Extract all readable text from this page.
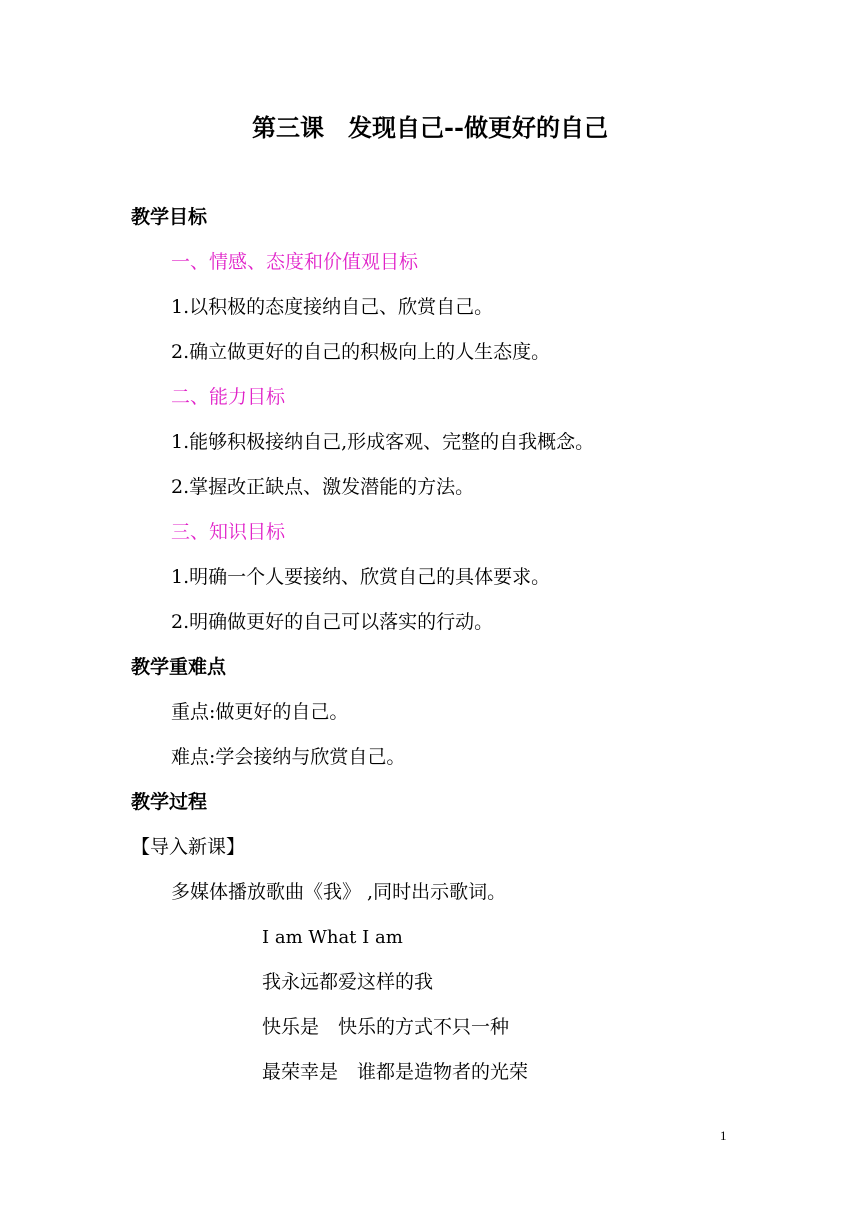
第三课　发现自己--做更好的自己
教学目标
一、情感、态度和价值观目标
1.以积极的态度接纳自己、欣赏自己。
2.确立做更好的自己的积极向上的人生态度。
二、能力目标
1.能够积极接纳自己,形成客观、完整的自我概念。
2.掌握改正缺点、激发潜能的方法。
三、知识目标
1.明确一个人要接纳、欣赏自己的具体要求。
2.明确做更好的自己可以落实的行动。
教学重难点
重点:做更好的自己。
难点:学会接纳与欣赏自己。
教学过程
【导入新课】
多媒体播放歌曲《我》 ,同时出示歌词。
I am What I am
我永远都爱这样的我
快乐是　快乐的方式不只一种
最荣幸是　谁都是造物者的光荣
1
